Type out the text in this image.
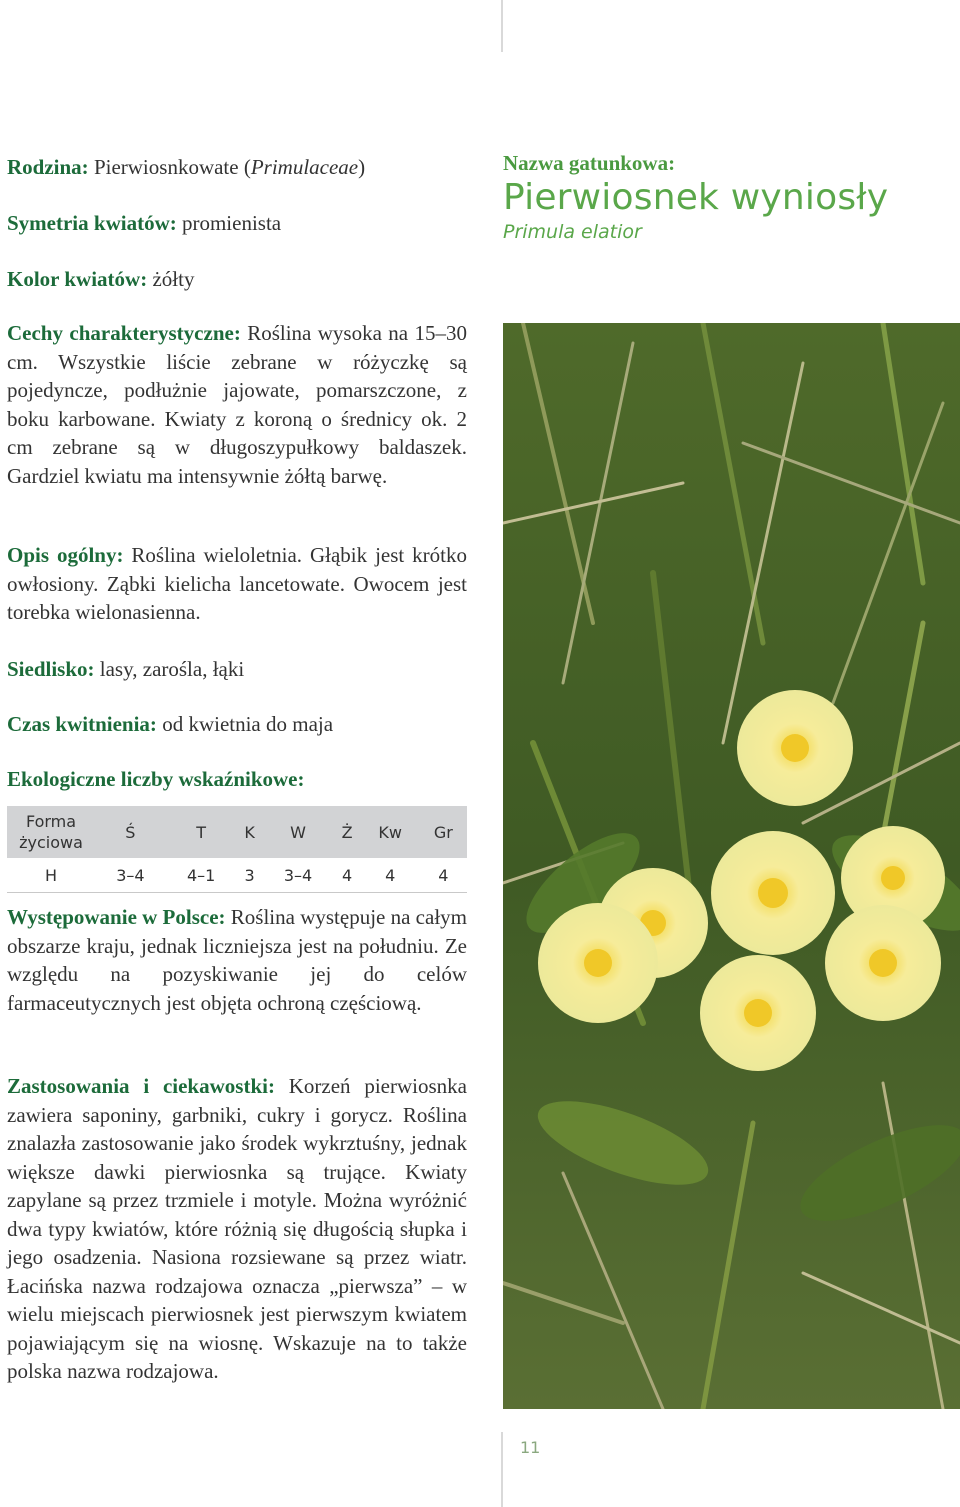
Rodzina: Pierwiosnkowate (Primulaceae)

Symetria kwiatów: promienista

Kolor kwiatów: żółty

Cechy charakterystyczne: Roślina wysoka na 15–30 cm. Wszystkie liście zebrane w różyczkę są pojedyncze, podłużnie jajowate, pomarszczone, z boku karbowane. Kwiaty z koroną o średnicy ok. 2 cm zebrane są w długoszypułkowy baldaszek. Gardziel kwiatu ma intensywnie żółtą barwę.

Opis ogólny: Roślina wieloletnia. Głąbik jest krótko owłosiony. Ząbki kielicha lancetowate. Owocem jest torebka wielonasienna.

Siedlisko: lasy, zarośla, łąki

Czas kwitnienia: od kwietnia do maja

Ekologiczne liczby wskaźnikowe:

Forma życiowa	Ś	T	K	W	Ż	Kw	Gr
H	3–4	4–1	3	3–4	4	4	4

Występowanie w Polsce: Roślina występuje na całym obszarze kraju, jednak liczniejsza jest na południu. Ze względu na pozyskiwanie jej do celów farmaceutycznych jest objęta ochroną częściową.

Zastosowania i ciekawostki: Korzeń pierwiosnka zawiera saponiny, garbniki, cukry i gorycz. Roślina znalazła zastosowanie jako środek wykrztuśny, jednak większe dawki pierwiosnka są trujące. Kwiaty zapylane są przez trzmiele i motyle. Można wyróżnić dwa typy kwiatów, które różnią się długością słupka i jego osadzenia. Nasiona rozsiewane są przez wiatr. Łacińska nazwa rodzajowa oznacza „pierwsza” – w wielu miejscach pierwiosnek jest pierwszym kwiatem pojawiającym się na wiosnę. Wskazuje na to także polska nazwa rodzajowa.

Nazwa gatunkowa:
Pierwiosnek wyniosły
Primula elatior
11
